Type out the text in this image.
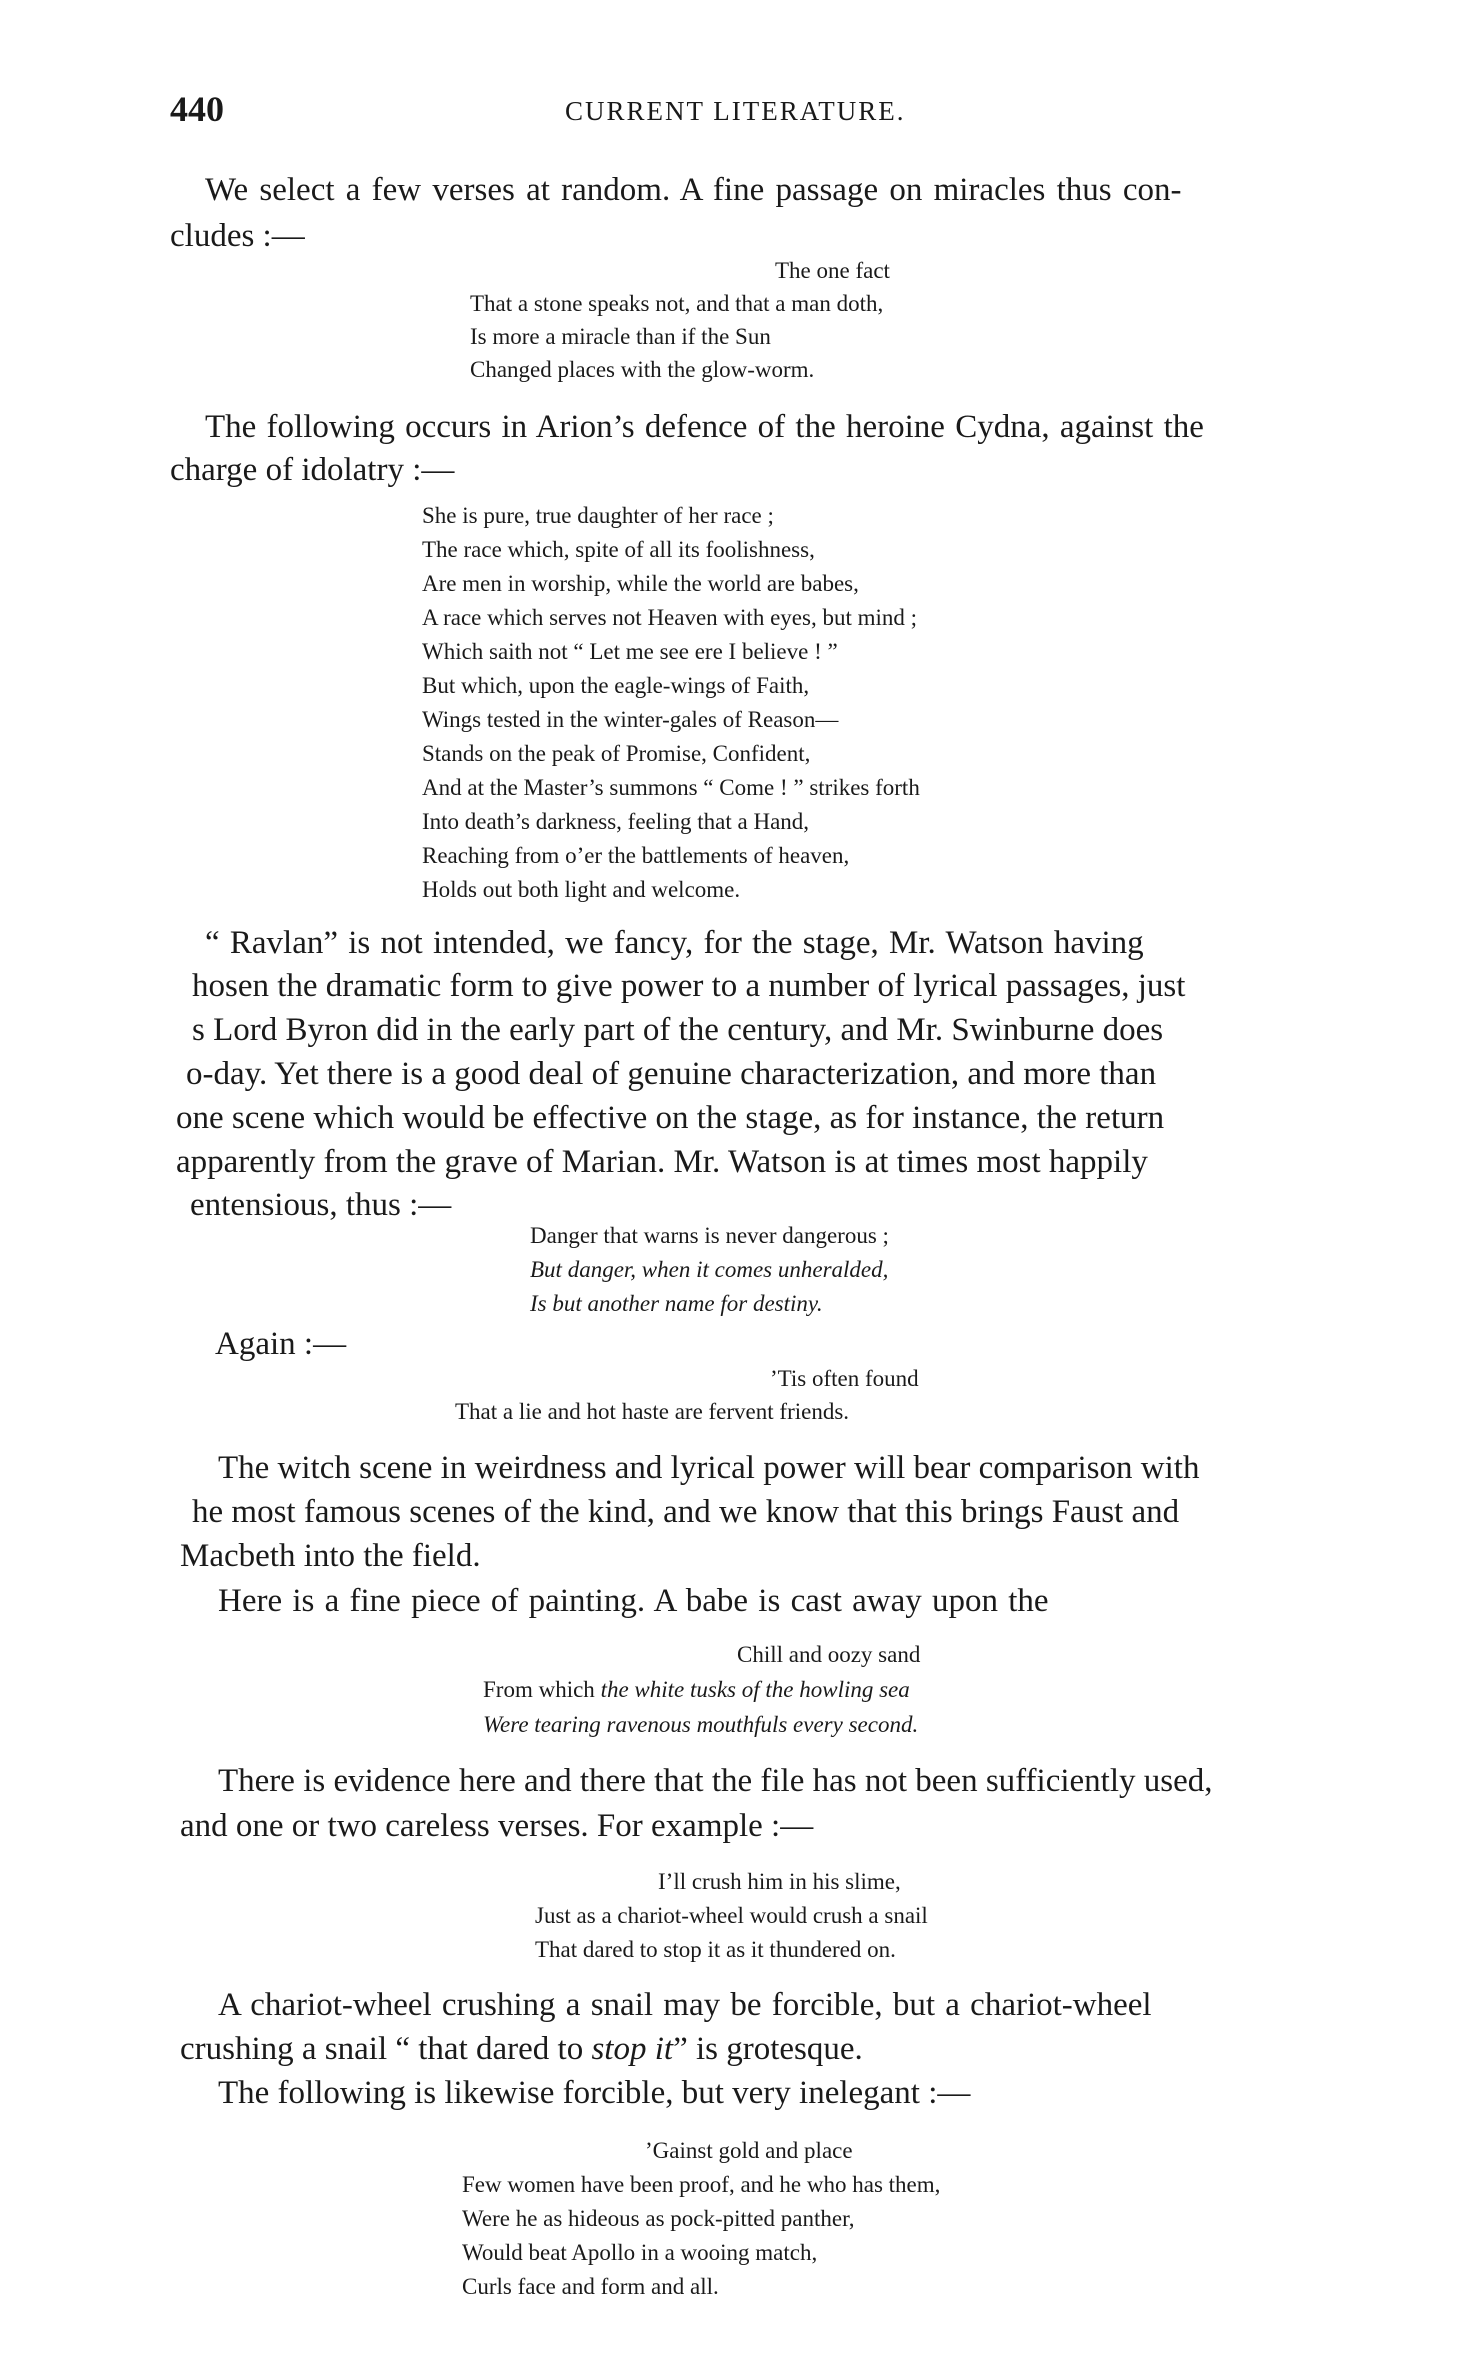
440	CURRENT LITERATURE.
We select a few verses at random. A fine passage on miracles thus con-
cludes :—
The one fact
That a stone speaks not, and that a man doth,
Is more a miracle than if the Sun
Changed places with the glow-worm.
The following occurs in Arion’s defence of the heroine Cydna, against the
charge of idolatry :—
She is pure, true daughter of her race ;
The race which, spite of all its foolishness,
Are men in worship, while the world are babes,
A race which serves not Heaven with eyes, but mind ;
Which saith not “ Let me see ere I believe ! ”
But which, upon the eagle-wings of Faith,
Wings tested in the winter-gales of Reason—
Stands on the peak of Promise, Confident,
And at the Master’s summons “ Come ! ” strikes forth
Into death’s darkness, feeling that a Hand,
Reaching from o’er the battlements of heaven,
Holds out both light and welcome.
“ Ravlan” is not intended, we fancy, for the stage, Mr. Watson having
hosen the dramatic form to give power to a number of lyrical passages, just
s Lord Byron did in the early part of the century, and Mr. Swinburne does
o-day. Yet there is a good deal of genuine characterization, and more than
one scene which would be effective on the stage, as for instance, the return
apparently from the grave of Marian. Mr. Watson is at times most happily
entensious, thus :—
Danger that warns is never dangerous ;
But danger, when it comes unheralded,
Is but another name for destiny.
Again :—
’Tis often found
That a lie and hot haste are fervent friends.
The witch scene in weirdness and lyrical power will bear comparison with
he most famous scenes of the kind, and we know that this brings Faust and
Macbeth into the field.
Here is a fine piece of painting. A babe is cast away upon the
Chill and oozy sand
From which the white tusks of the howling sea
Were tearing ravenous mouthfuls every second.
There is evidence here and there that the file has not been sufficiently used,
and one or two careless verses. For example :—
I’ll crush him in his slime,
Just as a chariot-wheel would crush a snail
That dared to stop it as it thundered on.
A chariot-wheel crushing a snail may be forcible, but a chariot-wheel
crushing a snail “ that dared to stop it” is grotesque.
The following is likewise forcible, but very inelegant :—
’Gainst gold and place
Few women have been proof, and he who has them,
Were he as hideous as pock-pitted panther,
Would beat Apollo in a wooing match,
Curls face and form and all.
